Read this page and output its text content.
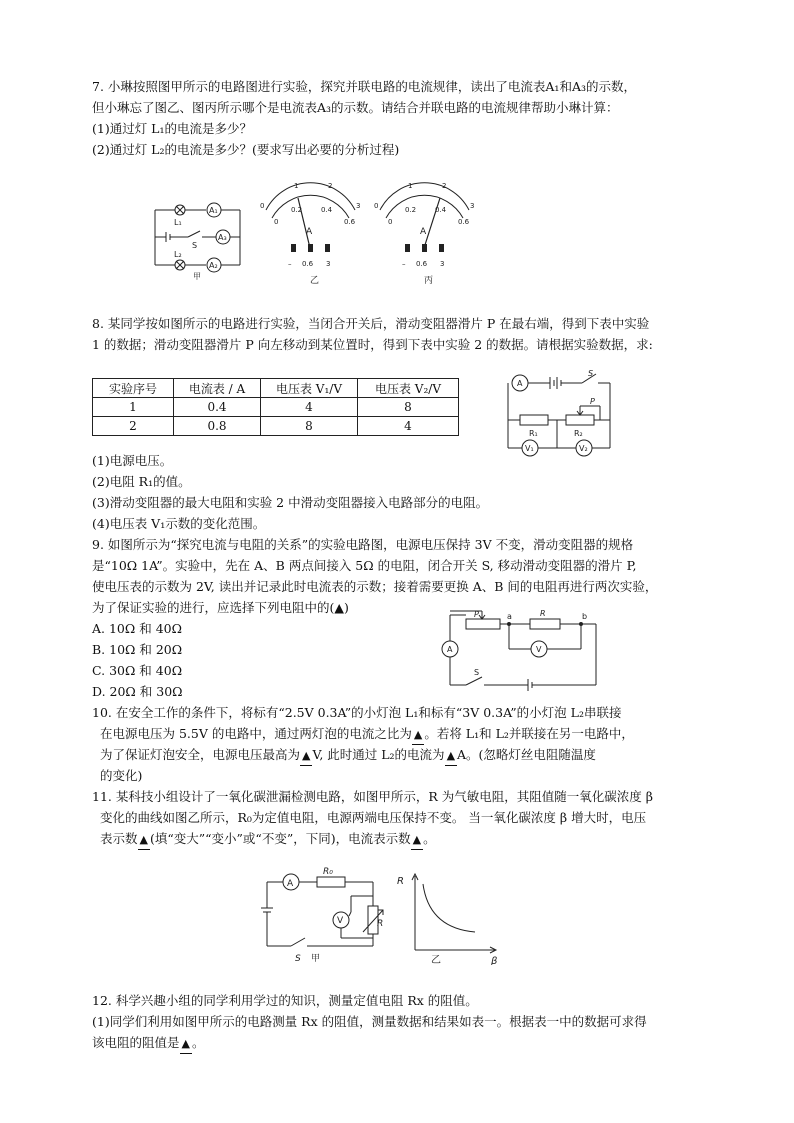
7. 小琳按照图甲所示的电路图进行实验，探究并联电路的电流规律，读出了电流表A₁和A₃的示数，
但小琳忘了图乙、图丙所示哪个是电流表A₃的示数。请结合并联电路的电流规律帮助小琳计算：
(1)通过灯 L₁的电流是多少？
(2)通过灯 L₂的电流是多少？(要求写出必要的分析过程)
L₁
A₁
S
A₃
L₂
A₂
甲
0
1	2
3
0
0.2	0.4
0.6
A
– 0.6 3
乙
0
1	2
3
0
0.2	0.4
0.6
A
– 0.6 3
丙
8. 某同学按如图所示的电路进行实验，当闭合开关后，滑动变阻器滑片 P 在最右端，得到下表中实验
1 的数据；滑动变阻器滑片 P 向左移动到某位置时，得到下表中实验 2 的数据。请根据实验数据，求:
实验序号	电流表 / A	电压表 V₁/V	电压表 V₂/V
1	0.4	4	8
2	0.8	8	4
A
S
P
R₁	R₂
V₁	V₂
(1)电源电压。
(2)电阻 R₁的值。
(3)滑动变阻器的最大电阻和实验 2 中滑动变阻器接入电路部分的电阻。
(4)电压表 V₁示数的变化范围。
9. 如图所示为“探究电流与电阻的关系”的实验电路图，电源电压保持 3V 不变，滑动变阻器的规格
是“10Ω 1A”。实验中，先在 A、B 两点间接入 5Ω 的电阻，闭合开关 S, 移动滑动变阻器的滑片 P,
使电压表的示数为 2V, 读出并记录此时电流表的示数；接着需要更换 A、B 间的电阻再进行两次实验，
为了保证实验的进行，应选择下列电阻中的(▲)
A. 10Ω 和 40Ω
B. 10Ω 和 20Ω
C. 30Ω 和 40Ω
D. 20Ω 和 30Ω
P	a	R	b
A	V
S
10. 在安全工作的条件下，将标有“2.5V 0.3A”的小灯泡 L₁和标有“3V 0.3A”的小灯泡 L₂串联接
在电源电压为 5.5V 的电路中，通过两灯泡的电流之比为 ▲ 。若将 L₁和 L₂并联接在另一电路中，
为了保证灯泡安全，电源电压最高为 ▲ V, 此时通过 L₂的电流为 ▲ A。(忽略灯丝电阻随温度
的变化)
11. 某科技小组设计了一氧化碳泄漏检测电路，如图甲所示，R 为气敏电阻，其阻值随一氧化碳浓度 β
变化的曲线如图乙所示，R₀为定值电阻，电源两端电压保持不变。 当一氧化碳浓度 β 增大时，电压
表示数 ▲ (填“变大”“变小”或“不变”，下同)，电流表示数 ▲ 。
A
R₀
V	R
S 甲
R
乙	β
12. 科学兴趣小组的同学利用学过的知识，测量定值电阻 Rx 的阻值。
(1)同学们利用如图甲所示的电路测量 Rx 的阻值，测量数据和结果如表一。根据表一中的数据可求得
该电阻的阻值是 ▲ 。
